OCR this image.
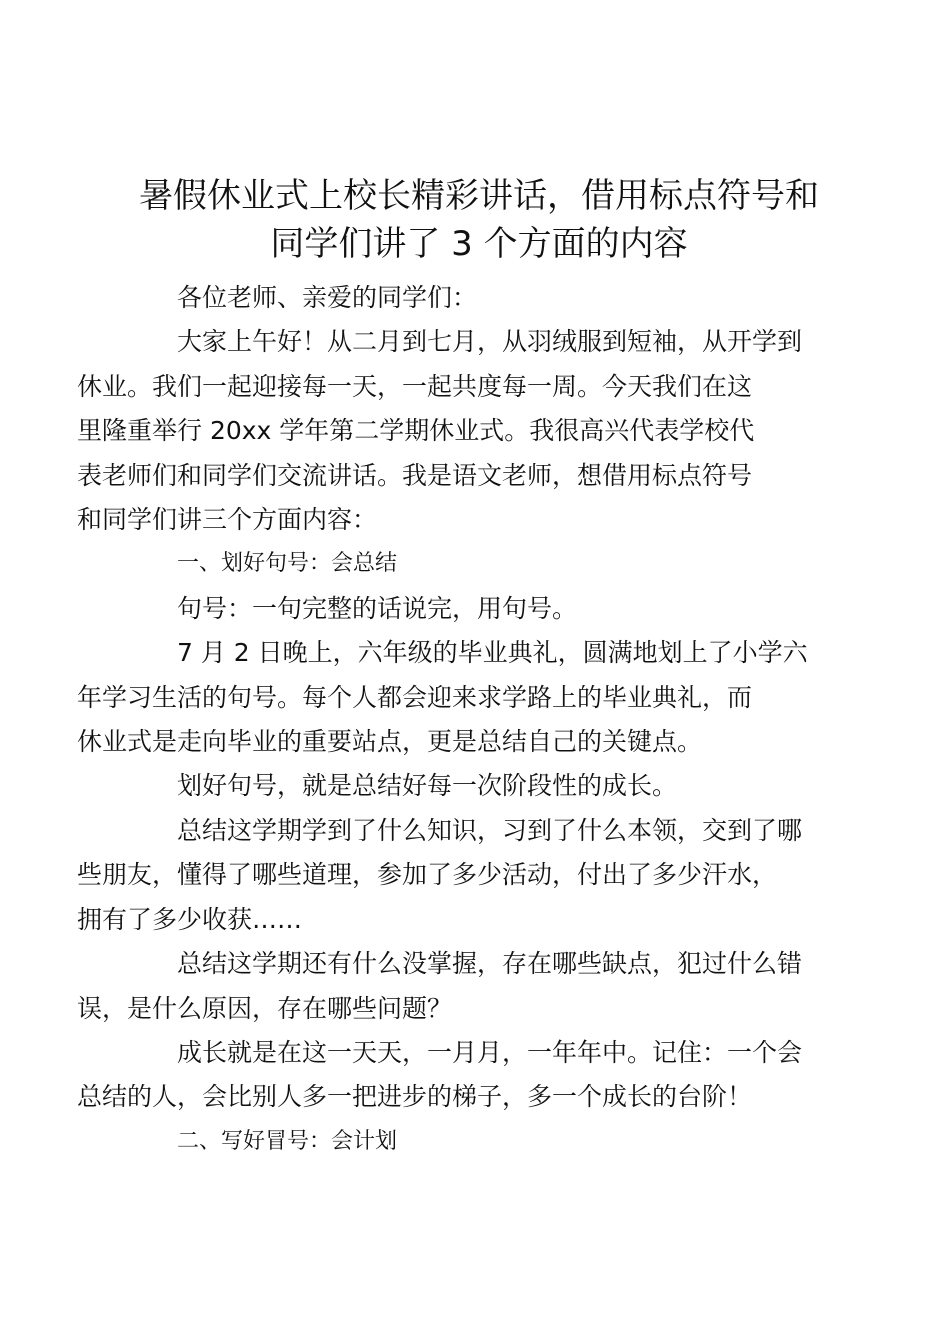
暑假休业式上校长精彩讲话，借用标点符号和
同学们讲了 3 个方面的内容

各位老师、亲爱的同学们：

大家上午好！从二月到七月，从羽绒服到短袖，从开学到
休业。我们一起迎接每一天，一起共度每一周。今天我们在这
里隆重举行 20xx 学年第二学期休业式。我很高兴代表学校代
表老师们和同学们交流讲话。我是语文老师，想借用标点符号
和同学们讲三个方面内容：

一、划好句号：会总结

句号：一句完整的话说完，用句号。

7 月 2 日晚上，六年级的毕业典礼，圆满地划上了小学六
年学习生活的句号。每个人都会迎来求学路上的毕业典礼，而
休业式是走向毕业的重要站点，更是总结自己的关键点。

划好句号，就是总结好每一次阶段性的成长。

总结这学期学到了什么知识，习到了什么本领，交到了哪
些朋友，懂得了哪些道理，参加了多少活动，付出了多少汗水，
拥有了多少收获……

总结这学期还有什么没掌握，存在哪些缺点，犯过什么错
误，是什么原因，存在哪些问题？

成长就是在这一天天，一月月，一年年中。记住：一个会
总结的人，会比别人多一把进步的梯子，多一个成长的台阶！

二、写好冒号：会计划
